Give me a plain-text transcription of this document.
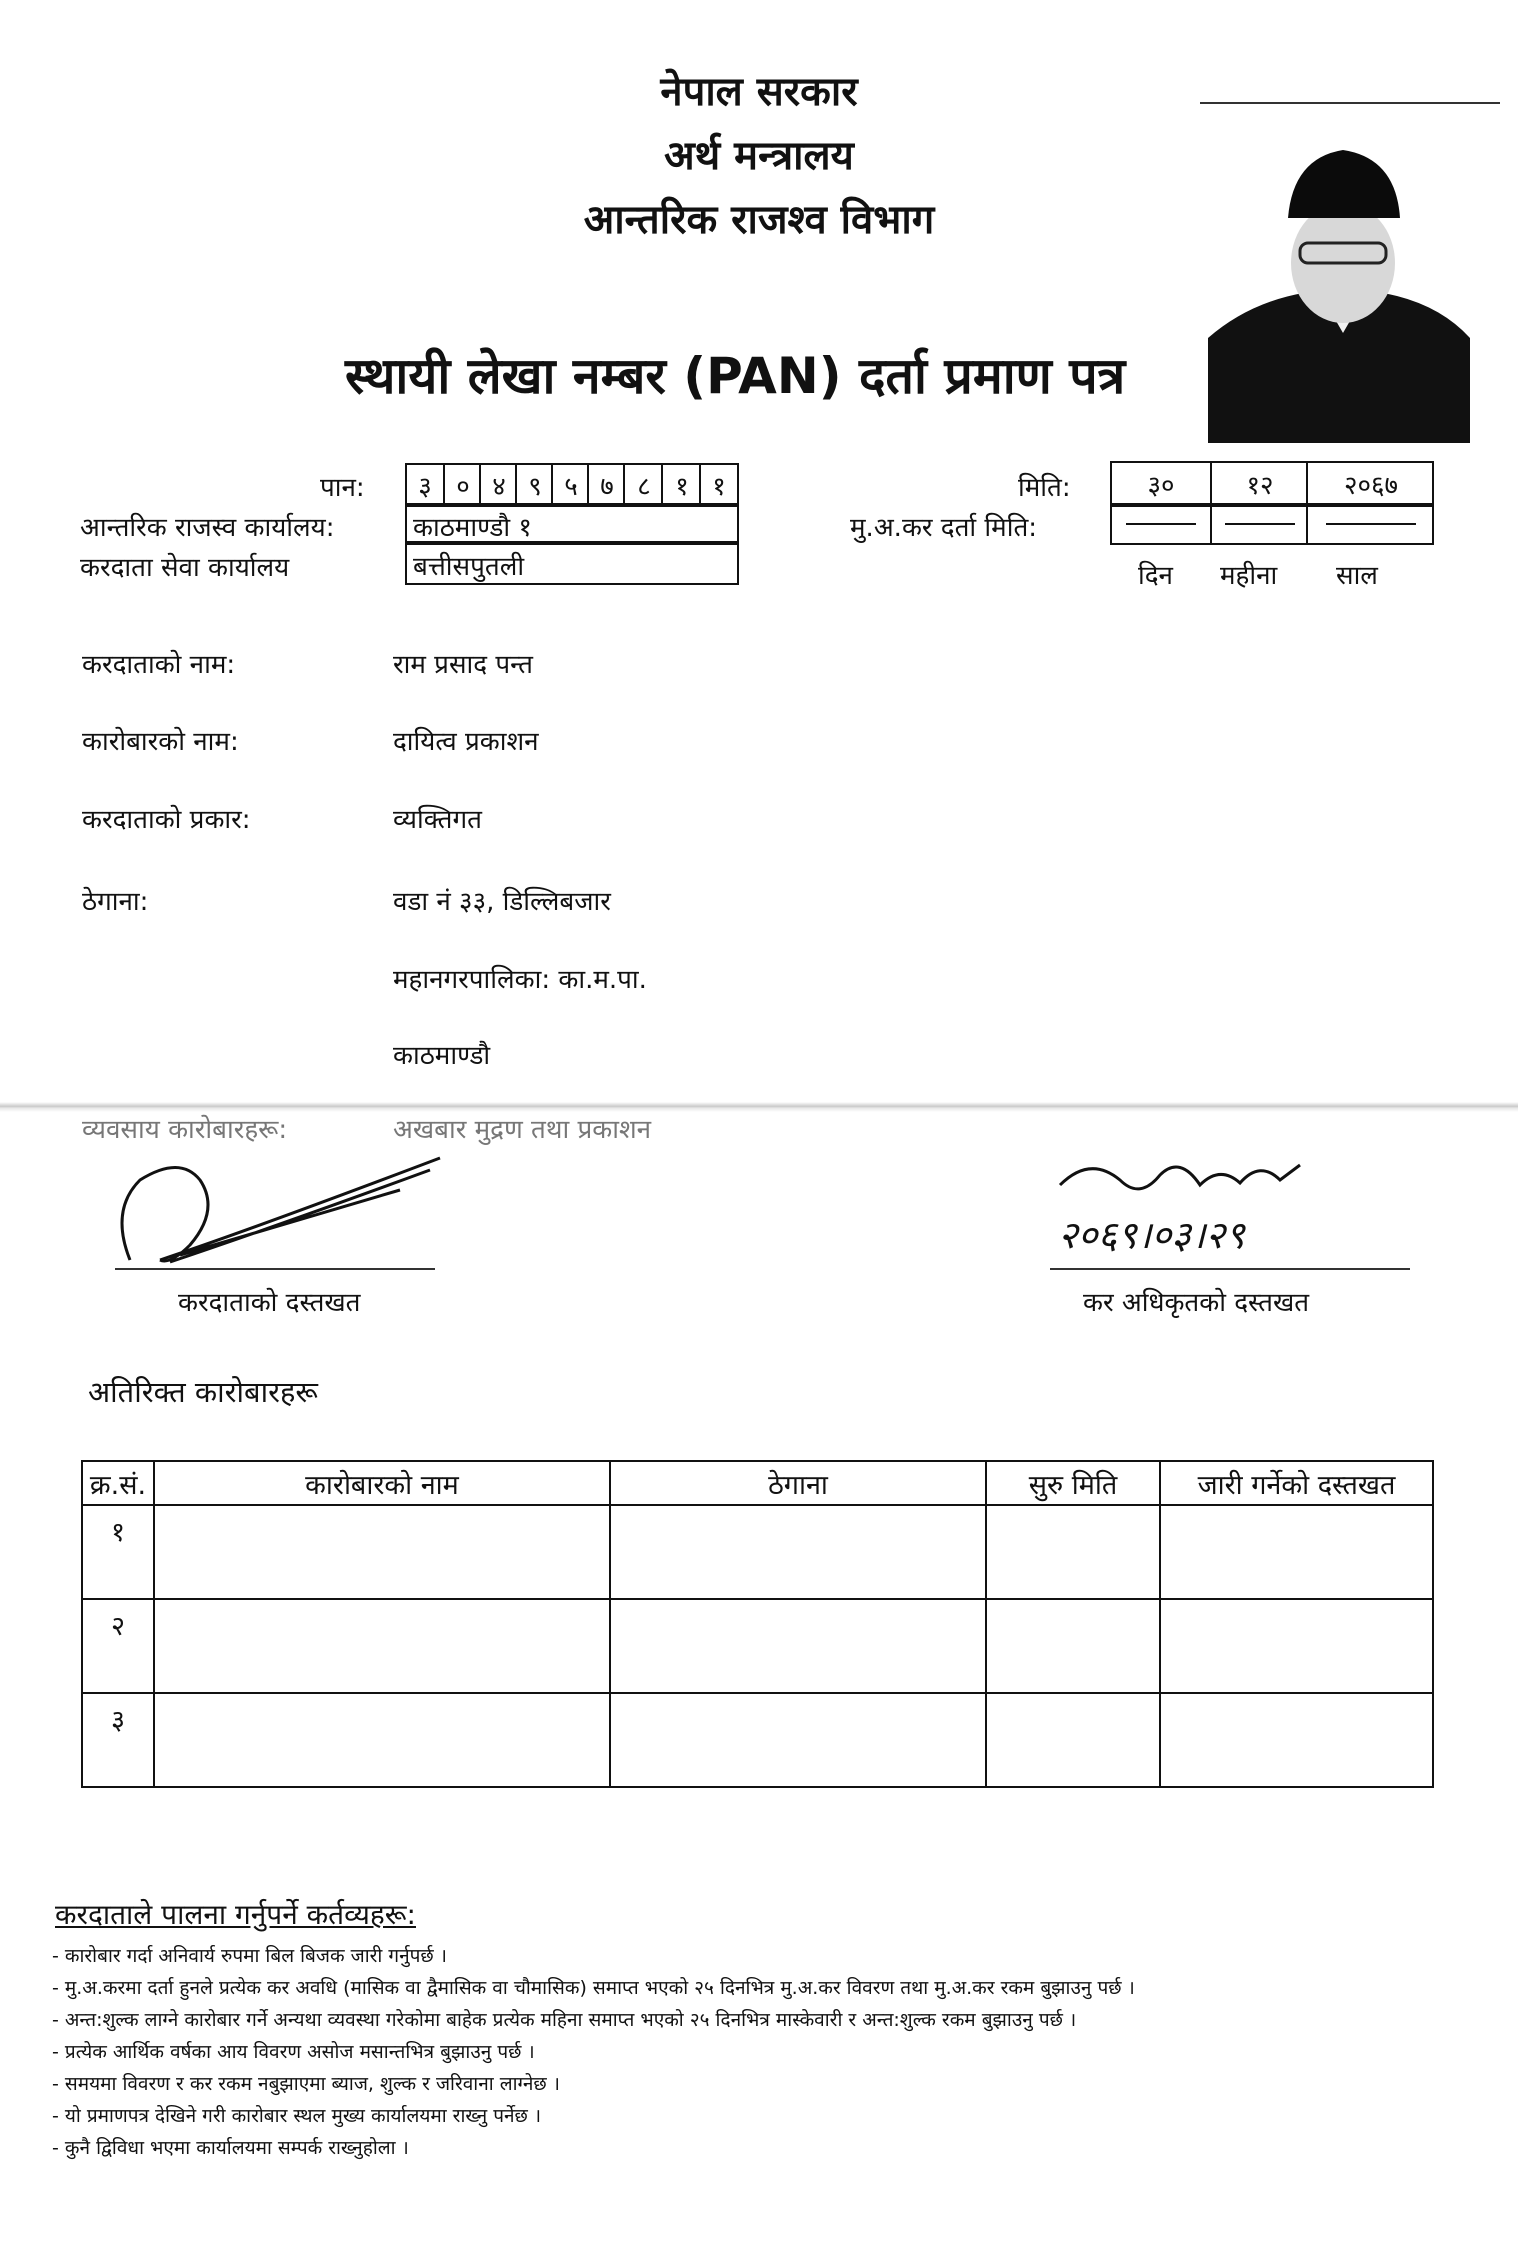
नेपाल सरकार
अर्थ मन्त्रालय
आन्तरिक राजश्व विभाग
स्थायी लेखा नम्बर (PAN) दर्ता प्रमाण पत्र
पान:	३ ० ४ ९ ५ ७ ८ १ १
आन्तरिक राजस्व कार्यालय:	काठमाण्डौ १
करदाता सेवा कार्यालय	बत्तीसपुतली
मिति:	३०	१२	२०६७
मु.अ.कर दर्ता मिति:
दिन महीना साल
करदाताको नाम:	राम प्रसाद पन्त
कारोबारको नाम:	दायित्व प्रकाशन
करदाताको प्रकार:	व्यक्तिगत
ठेगाना:	वडा नं ३३, डिल्लिबजार
महानगरपालिका: का.म.पा.
काठमाण्डौ
व्यवसाय कारोबारहरू:	अखबार मुद्रण तथा प्रकाशन
करदाताको दस्तखत
२०६९।०३।२९
कर अधिकृतको दस्तखत
अतिरिक्त कारोबारहरू
क्र.सं.	कारोबारको नाम	ठेगाना	सुरु मिति	जारी गर्नेको दस्तखत
१				
२				
३				
करदाताले पालना गर्नुपर्ने कर्तव्यहरू:
- कारोबार गर्दा अनिवार्य रुपमा बिल बिजक जारी गर्नुपर्छ ।
- मु.अ.करमा दर्ता हुनले प्रत्येक कर अवधि (मासिक वा द्वैमासिक वा चौमासिक) समाप्त भएको २५ दिनभित्र मु.अ.कर विवरण तथा मु.अ.कर रकम बुझाउनु पर्छ ।
- अन्त:शुल्क लाग्ने कारोबार गर्ने अन्यथा व्यवस्था गरेकोमा बाहेक प्रत्येक महिना समाप्त भएको २५ दिनभित्र मास्केवारी र अन्त:शुल्क रकम बुझाउनु पर्छ ।
- प्रत्येक आर्थिक वर्षका आय विवरण असोज मसान्तभित्र बुझाउनु पर्छ ।
- समयमा विवरण र कर रकम नबुझाएमा ब्याज, शुल्क र जरिवाना लाग्नेछ ।
- यो प्रमाणपत्र देखिने गरी कारोबार स्थल मुख्य कार्यालयमा राख्नु पर्नेछ ।
- कुनै द्विविधा भएमा कार्यालयमा सम्पर्क राख्नुहोला ।
